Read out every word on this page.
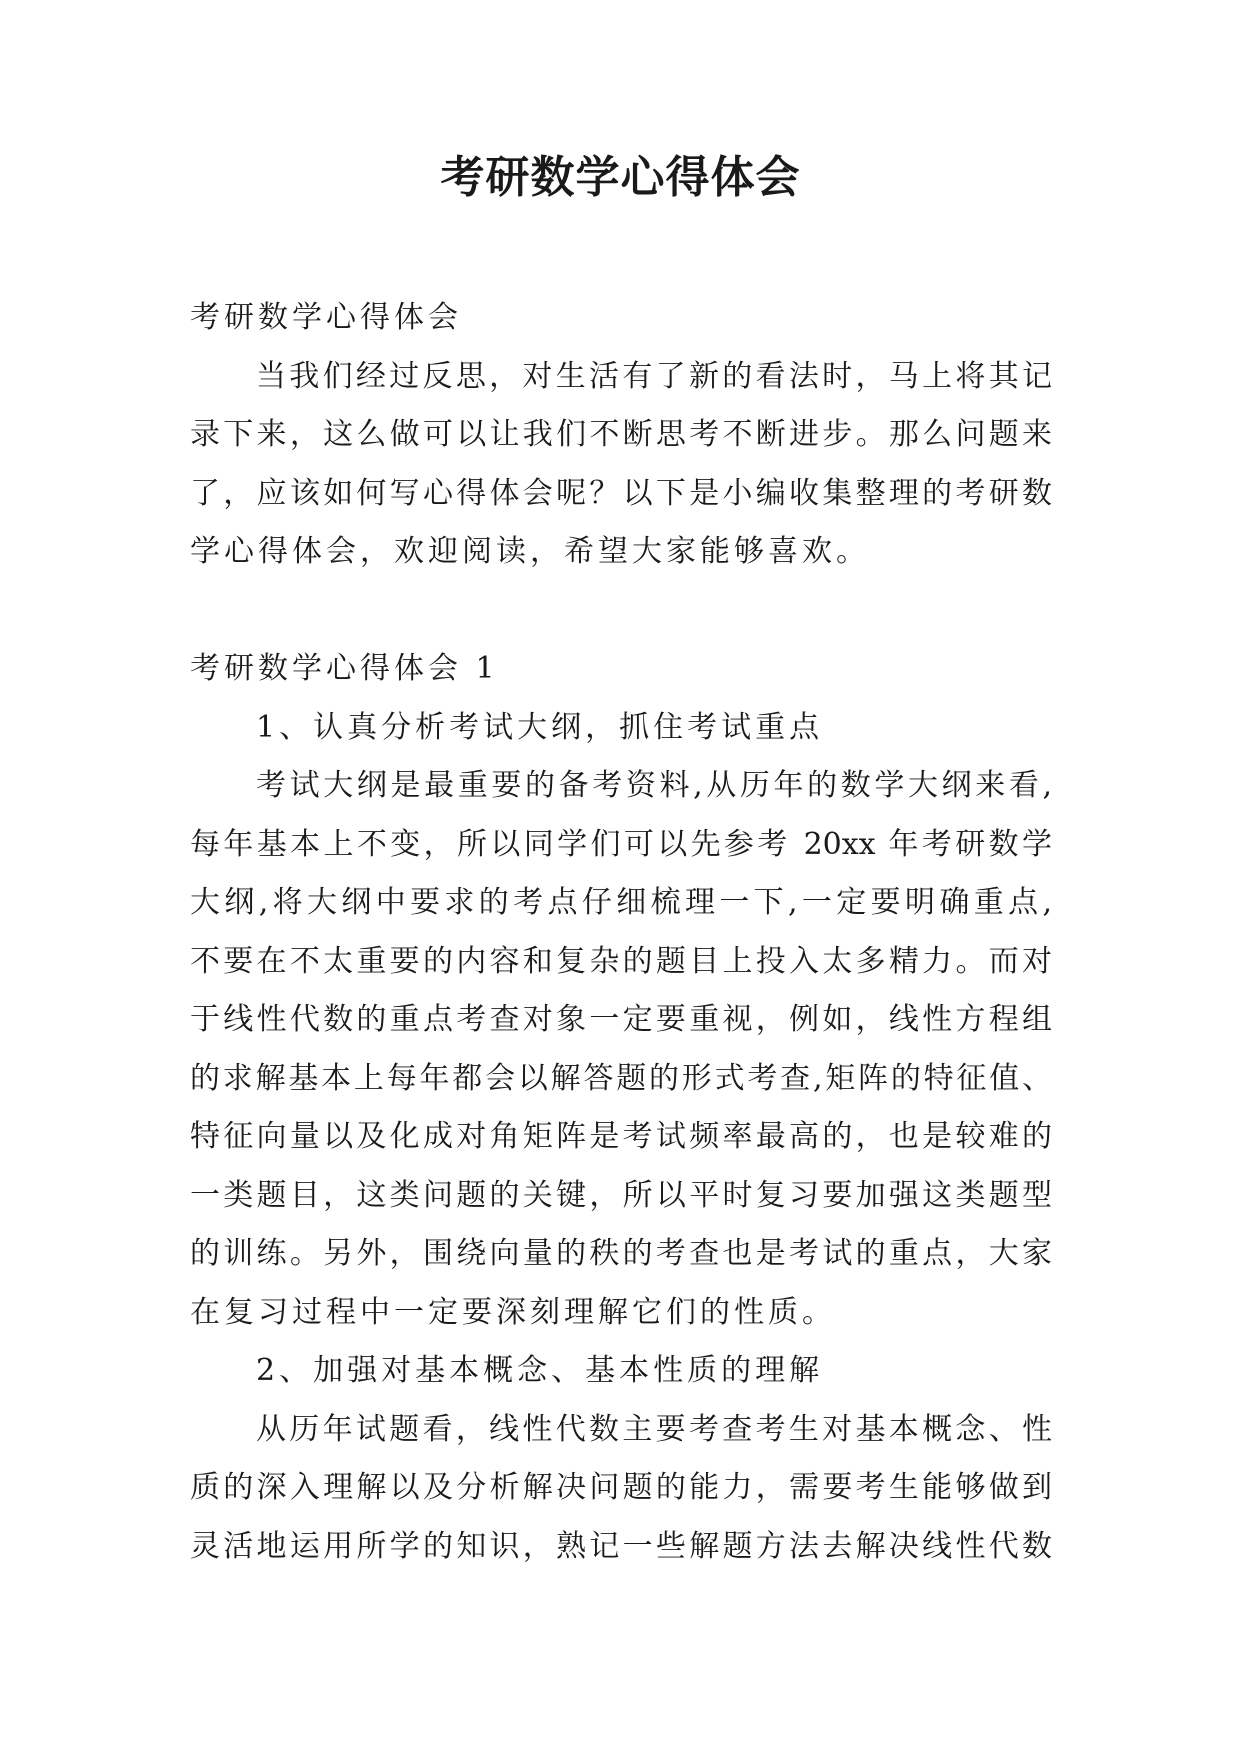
考研数学心得体会
考研数学心得体会
当我们经过反思，对生活有了新的看法时，马上将其记
录下来，这么做可以让我们不断思考不断进步。那么问题来
了，应该如何写心得体会呢？以下是小编收集整理的考研数
学心得体会，欢迎阅读，希望大家能够喜欢。
考研数学心得体会 1
1、认真分析考试大纲，抓住考试重点
考试大纲是最重要的备考资料,从历年的数学大纲来看,
每年基本上不变，所以同学们可以先参考 20xx 年考研数学
大纲,将大纲中要求的考点仔细梳理一下,一定要明确重点,
不要在不太重要的内容和复杂的题目上投入太多精力。而对
于线性代数的重点考查对象一定要重视，例如，线性方程组
的求解基本上每年都会以解答题的形式考查,矩阵的特征值、
特征向量以及化成对角矩阵是考试频率最高的，也是较难的
一类题目，这类问题的关键，所以平时复习要加强这类题型
的训练。另外，围绕向量的秩的考查也是考试的重点，大家
在复习过程中一定要深刻理解它们的性质。
2、加强对基本概念、基本性质的理解
从历年试题看，线性代数主要考查考生对基本概念、性
质的深入理解以及分析解决问题的能力，需要考生能够做到
灵活地运用所学的知识，熟记一些解题方法去解决线性代数
